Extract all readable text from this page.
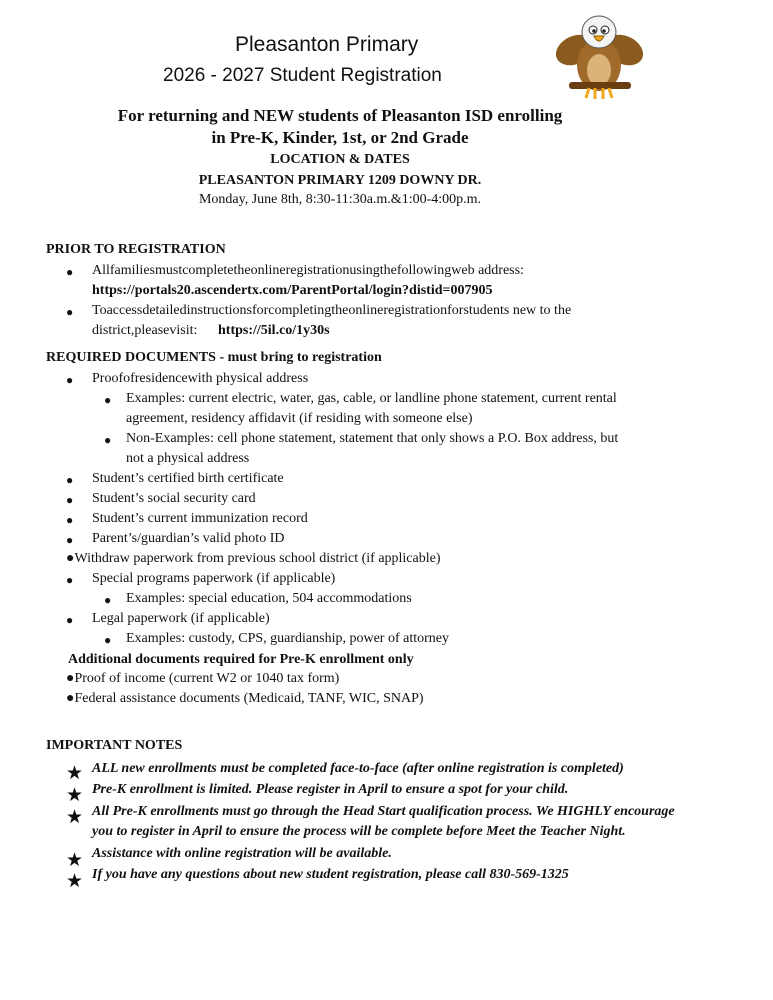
Pleasanton Primary
2026 - 2027 Student Registration
For returning and NEW students of Pleasanton ISD enrolling
in Pre-K, Kinder, 1st, or 2nd Grade
LOCATION & DATES
PLEASANTON PRIMARY 1209 DOWNY DR.
Monday, June 8th, 8:30-11:30a.m.&1:00-4:00p.m.
PRIOR TO REGISTRATION
● Allfamiliesmustcompletetheonlineregistrationusingthefollowingweb address:
https://portals20.ascendertx.com/ParentPortal/login?distid=007905
● Toaccessdetailedinstructionsforcompletingtheonlineregistrationforstudents new to the
district,pleasevisit: https://5il.co/1y30s
REQUIRED DOCUMENTS - must bring to registration
● Proofofresidencewith physical address
● Examples: current electric, water, gas, cable, or landline phone statement, current rental
agreement, residency affidavit (if residing with someone else)
● Non-Examples: cell phone statement, statement that only shows a P.O. Box address, but
not a physical address
● Student’s certified birth certificate
● Student’s social security card
● Student’s current immunization record
● Parent’s/guardian’s valid photo ID
●Withdraw paperwork from previous school district (if applicable)
● Special programs paperwork (if applicable)
● Examples: special education, 504 accommodations
● Legal paperwork (if applicable)
● Examples: custody, CPS, guardianship, power of attorney
Additional documents required for Pre-K enrollment only
●Proof of income (current W2 or 1040 tax form)
●Federal assistance documents (Medicaid, TANF, WIC, SNAP)
IMPORTANT NOTES
★ ALL new enrollments must be completed face-to-face (after online registration is completed)
★ Pre-K enrollment is limited. Please register in April to ensure a spot for your child.
★ All Pre-K enrollments must go through the Head Start qualification process. We HIGHLY encourage
you to register in April to ensure the process will be complete before Meet the Teacher Night.
★ Assistance with online registration will be available.
★ If you have any questions about new student registration, please call 830-569-1325
